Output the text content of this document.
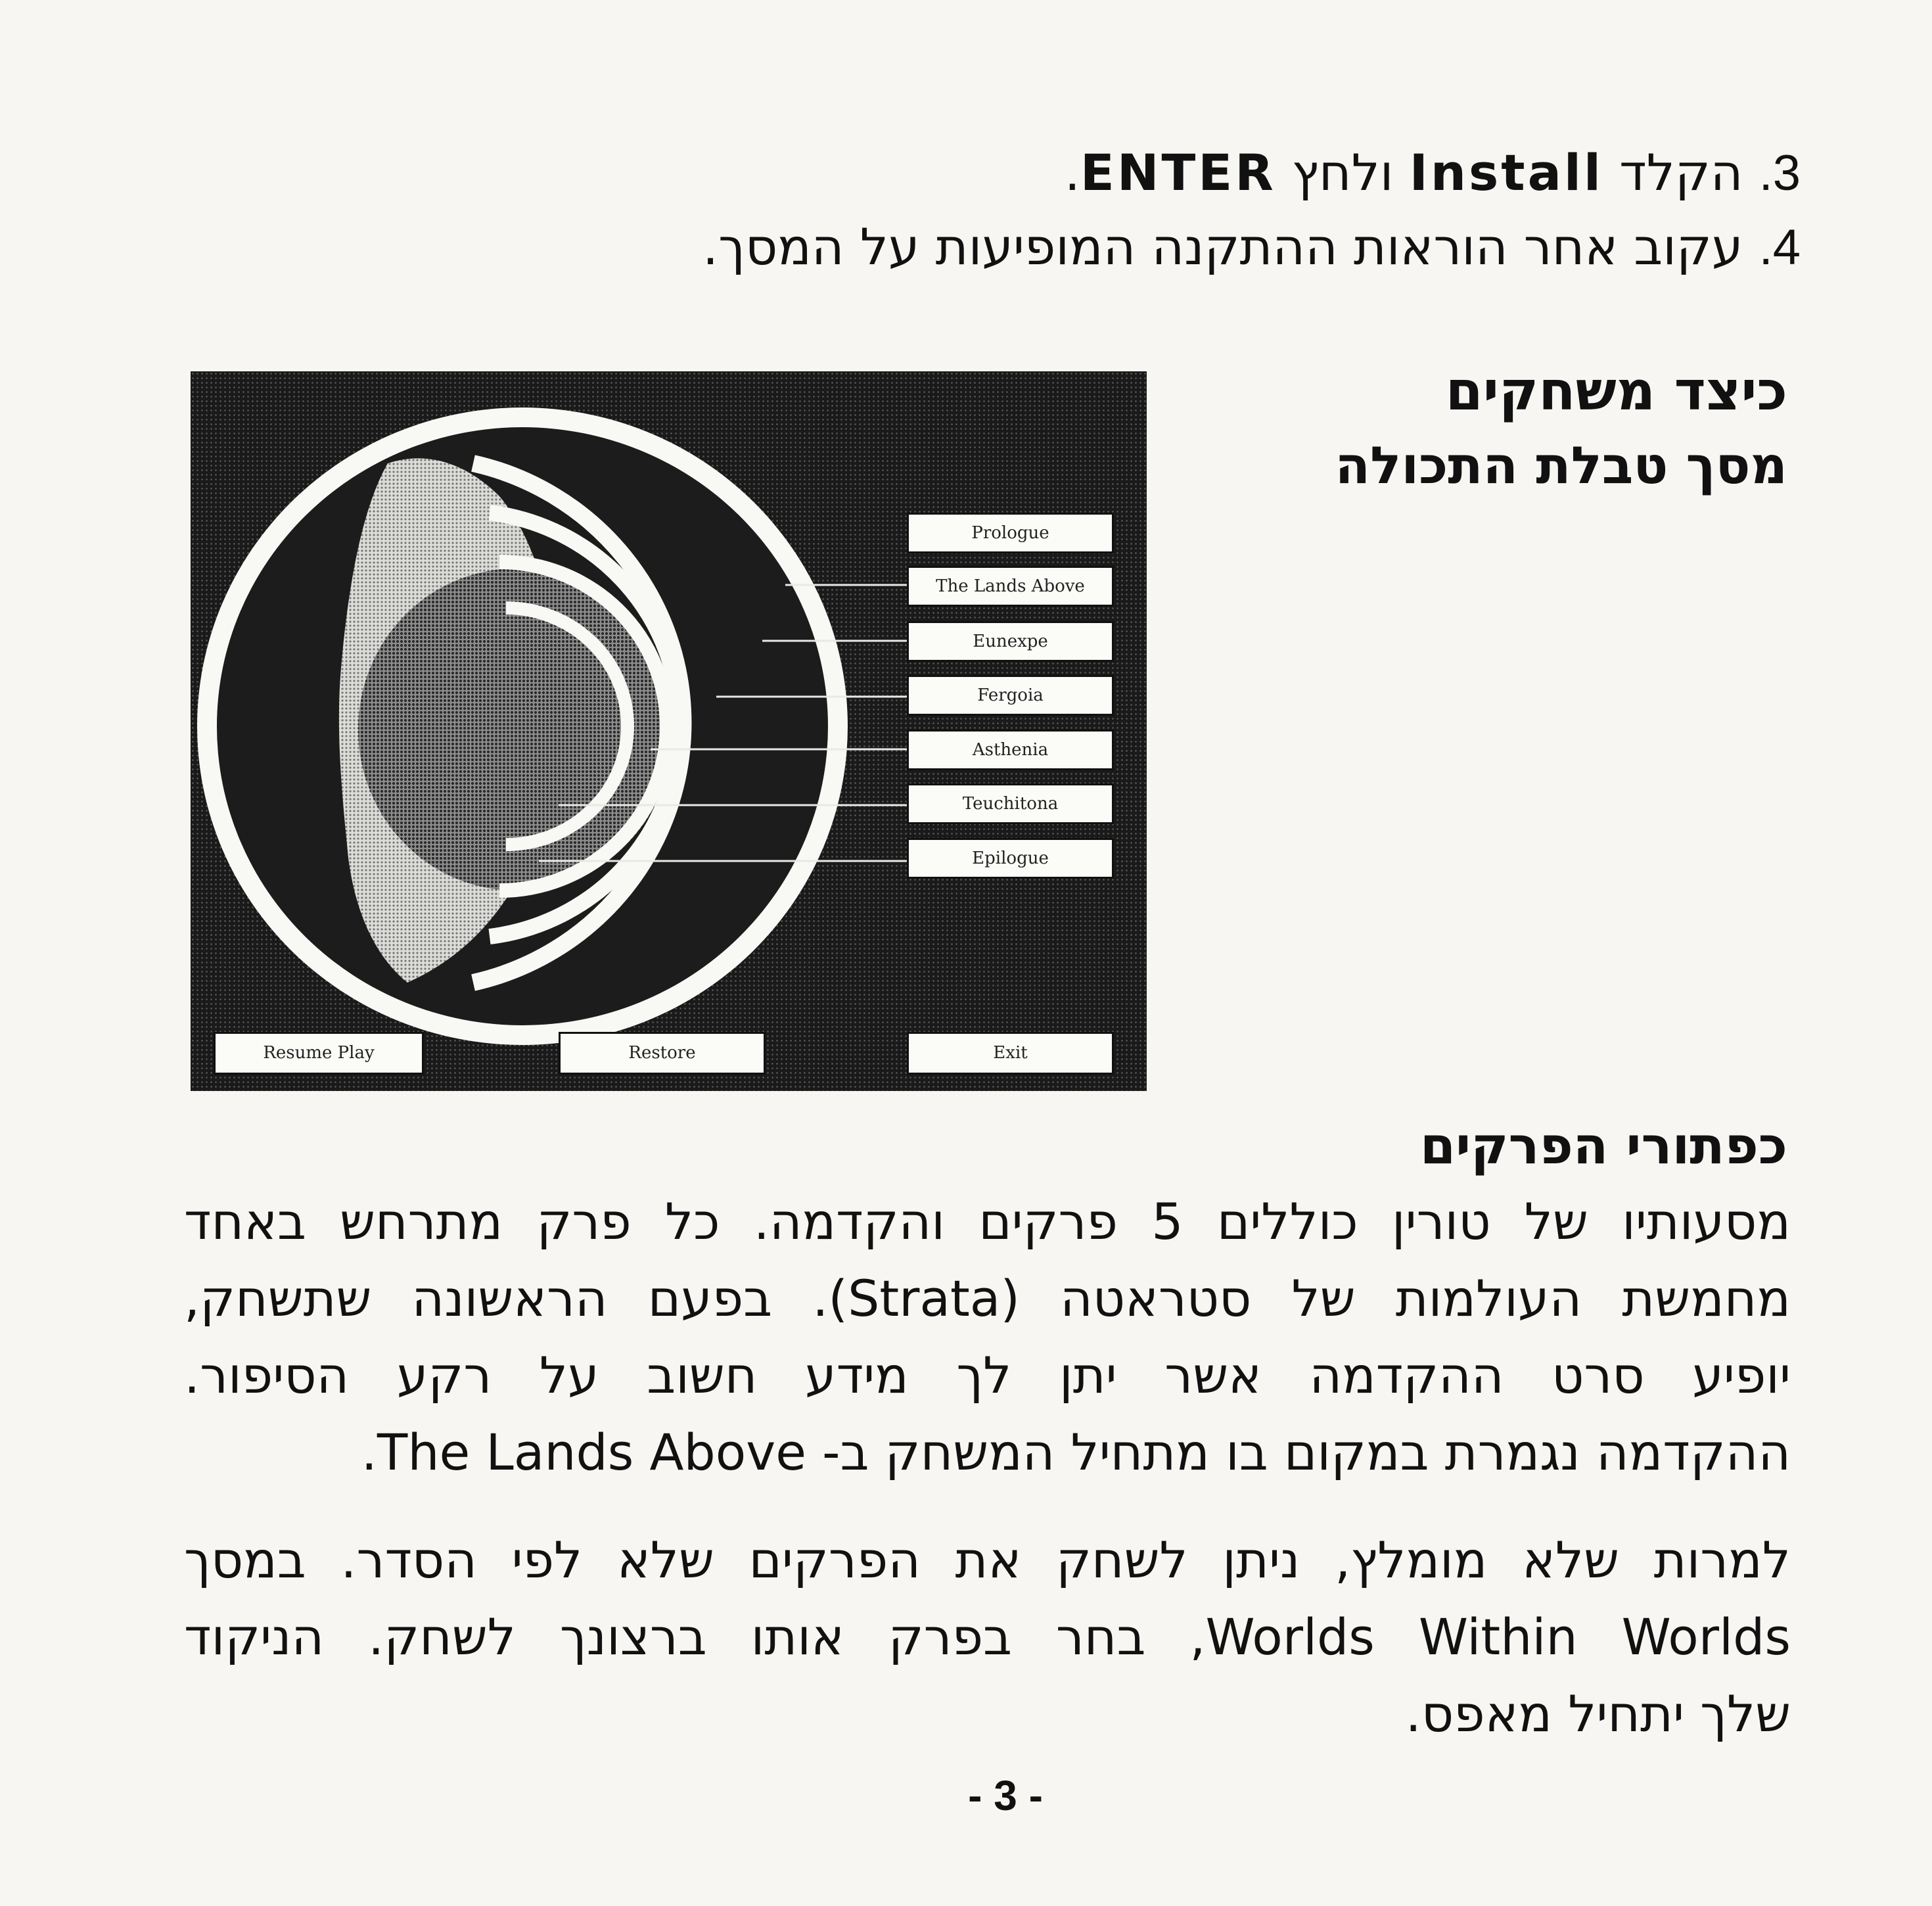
3. הקלד Install ולחץ ENTER.
4. עקוב אחר הוראות ההתקנה המופיעות על המסך.
כיצד משחקים
מסך טבלת התכולה
Prologue
The Lands Above
Eunexpe
Fergoia
Asthenia
Teuchitona
Epilogue
Resume Play	Restore	Exit
כפתורי הפרקים
מסעותיו של טורין כוללים 5 פרקים והקדמה. כל פרק מתרחש באחד
מחמשת העולמות של סטראטה (Strata). בפעם הראשונה שתשחק,
יופיע סרט ההקדמה אשר יתן לך מידע חשוב על רקע הסיפור.
ההקדמה נגמרת במקום בו מתחיל המשחק ב- The Lands Above.
למרות שלא מומלץ, ניתן לשחק את הפרקים שלא לפי הסדר. במסך
Worlds Within Worlds, בחר בפרק אותו ברצונך לשחק. הניקוד
שלך יתחיל מאפס.
- 3 -
